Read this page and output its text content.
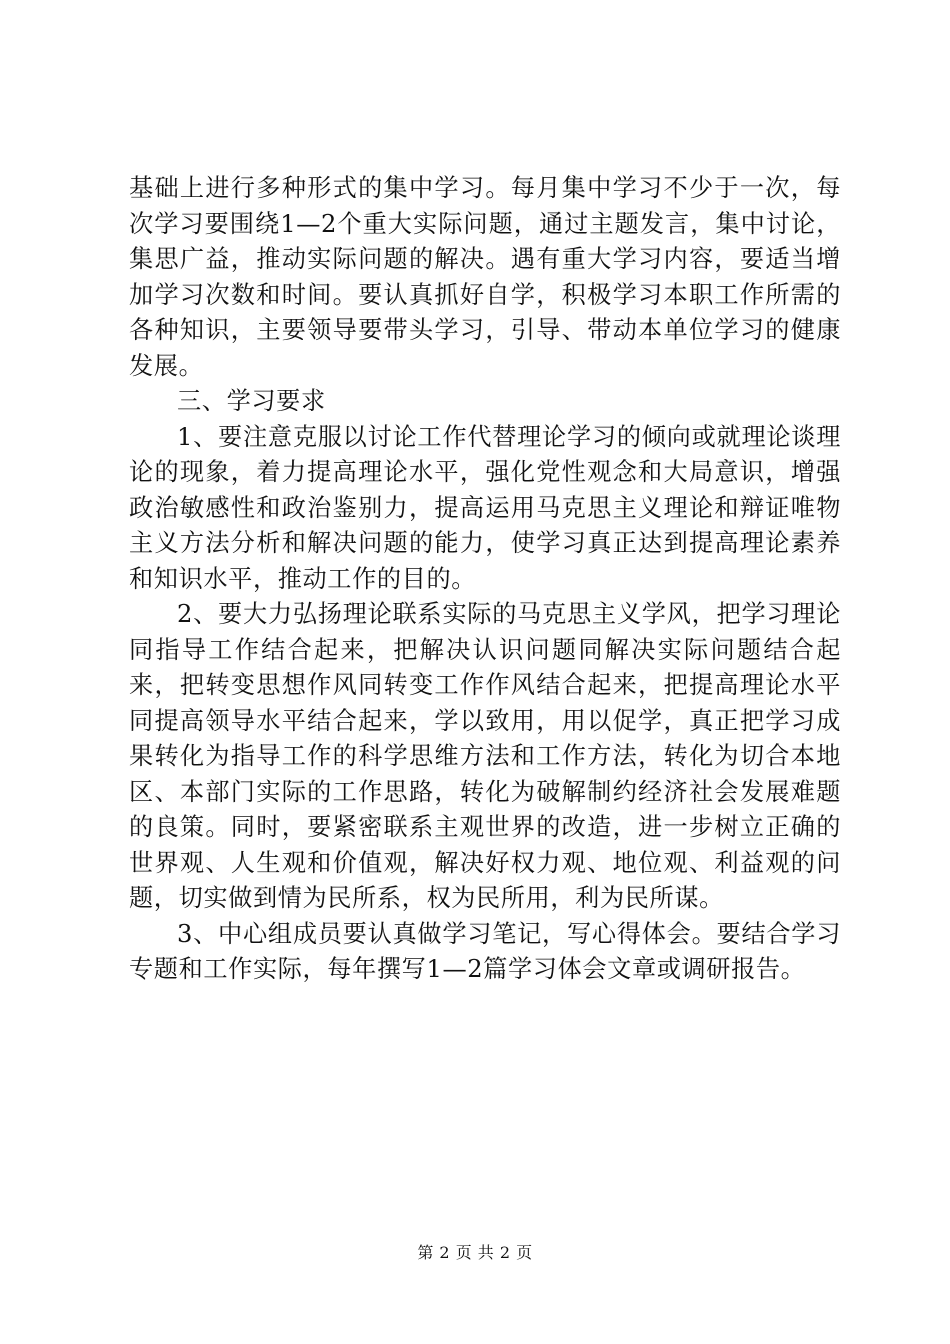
基础上进行多种形式的集中学习。每月集中学习不少于一次，每次学习要围绕1—2个重大实际问题，通过主题发言，集中讨论，集思广益，推动实际问题的解决。遇有重大学习内容，要适当增加学习次数和时间。要认真抓好自学，积极学习本职工作所需的各种知识，主要领导要带头学习，引导、带动本单位学习的健康发展。

三、学习要求

1、要注意克服以讨论工作代替理论学习的倾向或就理论谈理论的现象，着力提高理论水平，强化党性观念和大局意识，增强政治敏感性和政治鉴别力，提高运用马克思主义理论和辩证唯物主义方法分析和解决问题的能力，使学习真正达到提高理论素养和知识水平，推动工作的目的。

2、要大力弘扬理论联系实际的马克思主义学风，把学习理论同指导工作结合起来，把解决认识问题同解决实际问题结合起来，把转变思想作风同转变工作作风结合起来，把提高理论水平同提高领导水平结合起来，学以致用，用以促学，真正把学习成果转化为指导工作的科学思维方法和工作方法，转化为切合本地区、本部门实际的工作思路，转化为破解制约经济社会发展难题的良策。同时，要紧密联系主观世界的改造，进一步树立正确的世界观、人生观和价值观，解决好权力观、地位观、利益观的问题，切实做到情为民所系，权为民所用，利为民所谋。

3、中心组成员要认真做学习笔记，写心得体会。要结合学习专题和工作实际，每年撰写1—2篇学习体会文章或调研报告。

第 2 页 共 2 页
